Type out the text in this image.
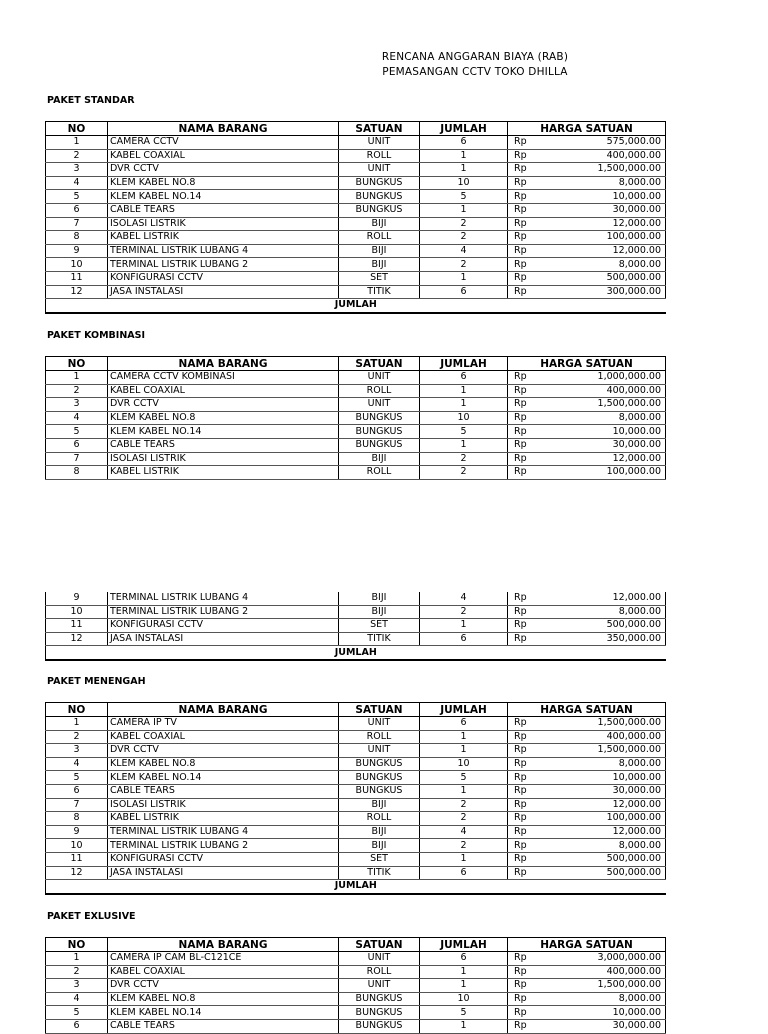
RENCANA ANGGARAN BIAYA (RAB)
PEMASANGAN CCTV TOKO DHILLA
PAKET STANDAR
NO	NAMA BARANG	SATUAN	JUMLAH	HARGA SATUAN	
1	CAMERA CCTV	UNIT	6	Rp	575,000.00
2	KABEL COAXIAL	ROLL	1	Rp	400,000.00
3	DVR CCTV	UNIT	1	Rp	1,500,000.00
4	KLEM KABEL NO.8	BUNGKUS	10	Rp	8,000.00
5	KLEM KABEL NO.14	BUNGKUS	5	Rp	10,000.00
6	CABLE TEARS	BUNGKUS	1	Rp	30,000.00
7	ISOLASI LISTRIK	BIJI	2	Rp	12,000.00
8	KABEL LISTRIK	ROLL	2	Rp	100,000.00
9	TERMINAL LISTRIK LUBANG 4	BIJI	4	Rp	12,000.00
10	TERMINAL LISTRIK LUBANG 2	BIJI	2	Rp	8,000.00
11	KONFIGURASI CCTV	SET	1	Rp	500,000.00
12	JASA INSTALASI	TITIK	6	Rp	300,000.00
JUMLAH					
PAKET KOMBINASI
NO	NAMA BARANG	SATUAN	JUMLAH	HARGA SATUAN	
1	CAMERA CCTV KOMBINASI	UNIT	6	Rp	1,000,000.00
2	KABEL COAXIAL	ROLL	1	Rp	400,000.00
3	DVR CCTV	UNIT	1	Rp	1,500,000.00
4	KLEM KABEL NO.8	BUNGKUS	10	Rp	8,000.00
5	KLEM KABEL NO.14	BUNGKUS	5	Rp	10,000.00
6	CABLE TEARS	BUNGKUS	1	Rp	30,000.00
7	ISOLASI LISTRIK	BIJI	2	Rp	12,000.00
8	KABEL LISTRIK	ROLL	2	Rp	100,000.00
9	TERMINAL LISTRIK LUBANG 4	BIJI	4	Rp	12,000.00
10	TERMINAL LISTRIK LUBANG 2	BIJI	2	Rp	8,000.00
11	KONFIGURASI CCTV	SET	1	Rp	500,000.00
12	JASA INSTALASI	TITIK	6	Rp	350,000.00
JUMLAH					
PAKET MENENGAH
NO	NAMA BARANG	SATUAN	JUMLAH	HARGA SATUAN	
1	CAMERA IP TV	UNIT	6	Rp	1,500,000.00
2	KABEL COAXIAL	ROLL	1	Rp	400,000.00
3	DVR CCTV	UNIT	1	Rp	1,500,000.00
4	KLEM KABEL NO.8	BUNGKUS	10	Rp	8,000.00
5	KLEM KABEL NO.14	BUNGKUS	5	Rp	10,000.00
6	CABLE TEARS	BUNGKUS	1	Rp	30,000.00
7	ISOLASI LISTRIK	BIJI	2	Rp	12,000.00
8	KABEL LISTRIK	ROLL	2	Rp	100,000.00
9	TERMINAL LISTRIK LUBANG 4	BIJI	4	Rp	12,000.00
10	TERMINAL LISTRIK LUBANG 2	BIJI	2	Rp	8,000.00
11	KONFIGURASI CCTV	SET	1	Rp	500,000.00
12	JASA INSTALASI	TITIK	6	Rp	500,000.00
JUMLAH					
PAKET EXLUSIVE
NO	NAMA BARANG	SATUAN	JUMLAH	HARGA SATUAN	
1	CAMERA IP CAM BL-C121CE	UNIT	6	Rp	3,000,000.00
2	KABEL COAXIAL	ROLL	1	Rp	400,000.00
3	DVR CCTV	UNIT	1	Rp	1,500,000.00
4	KLEM KABEL NO.8	BUNGKUS	10	Rp	8,000.00
5	KLEM KABEL NO.14	BUNGKUS	5	Rp	10,000.00
6	CABLE TEARS	BUNGKUS	1	Rp	30,000.00
